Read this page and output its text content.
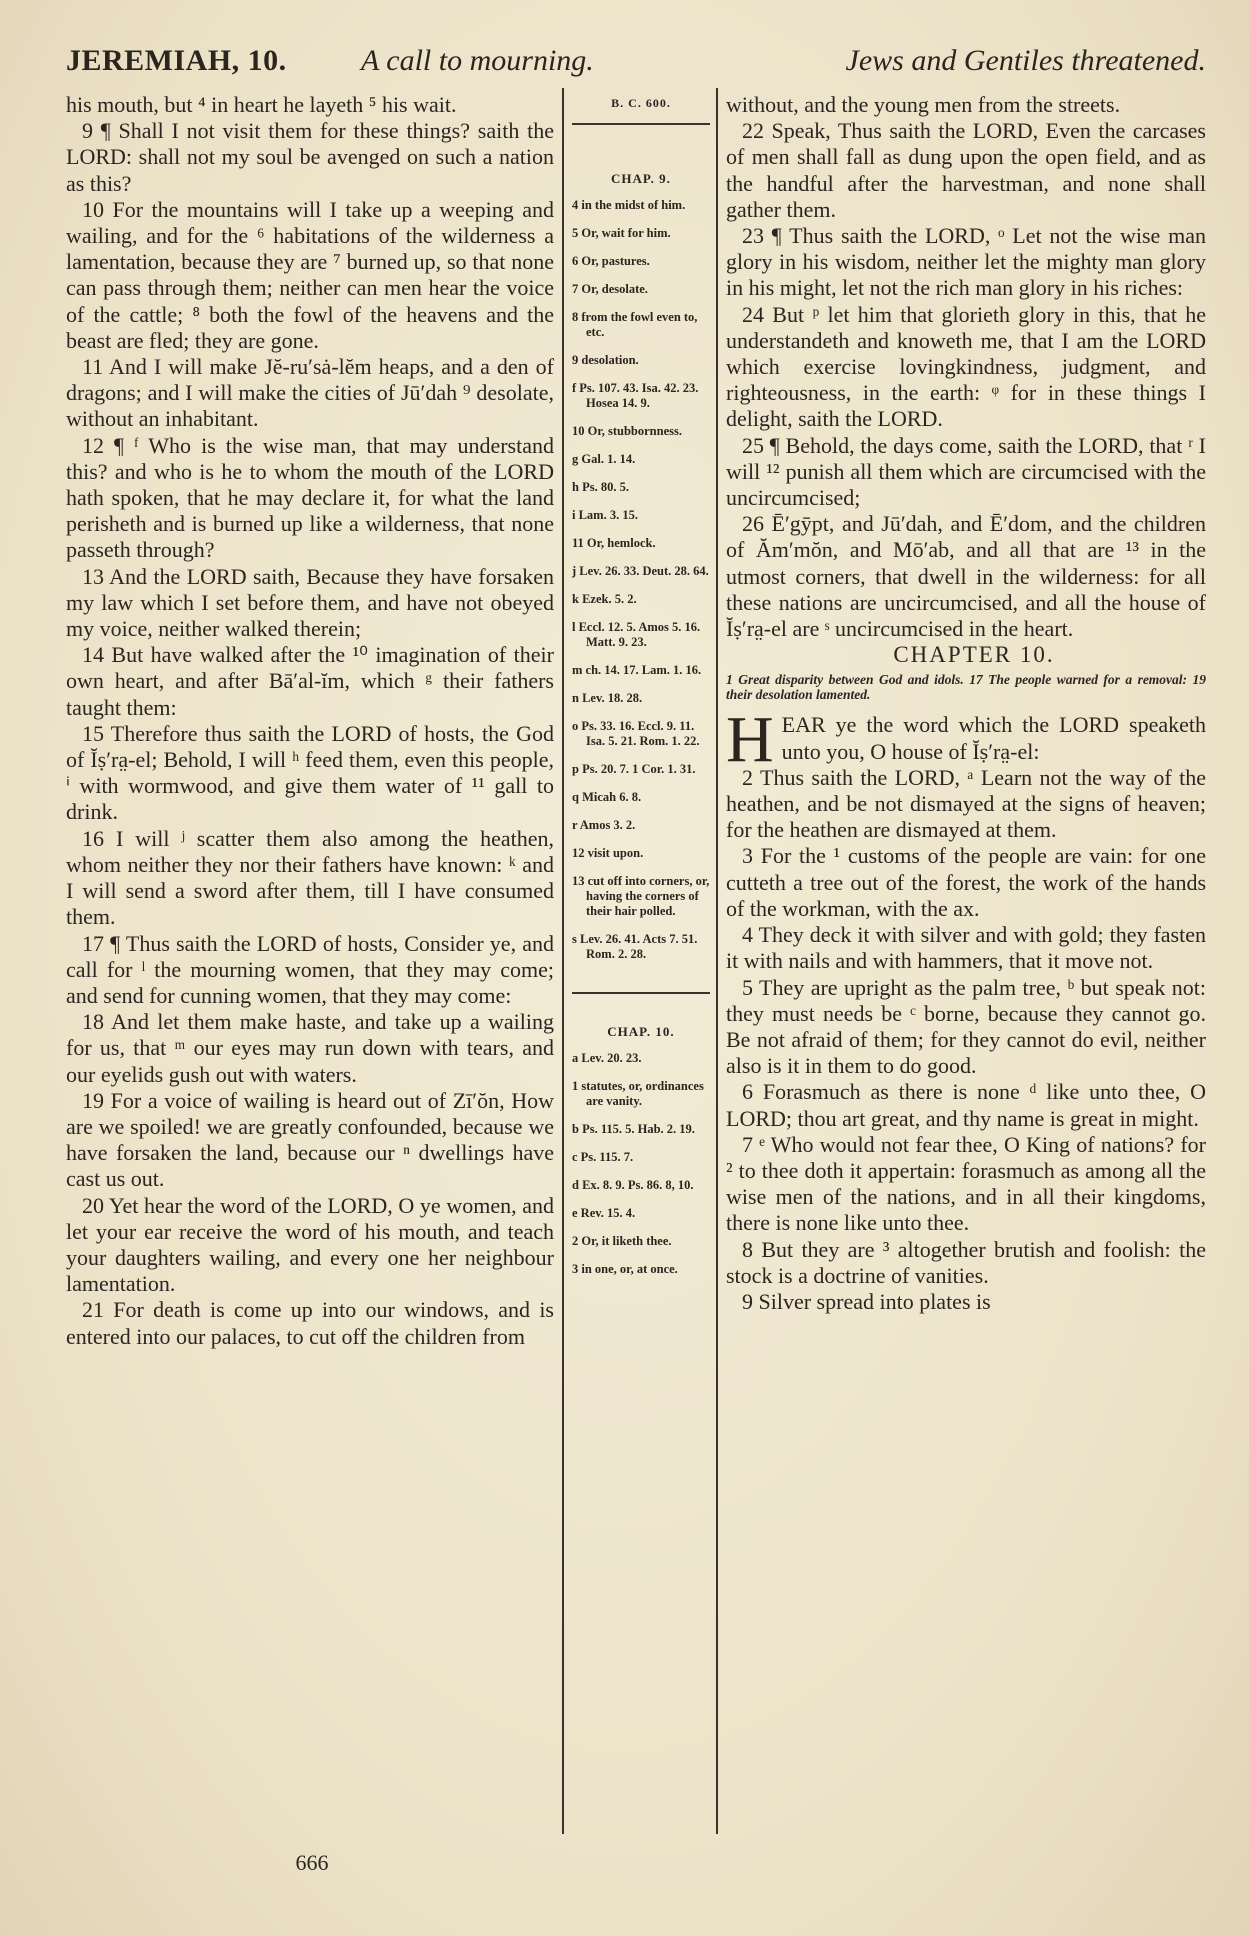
JEREMIAH, 10. A call to mourning.	Jews and Gentiles threatened.

his mouth, but ⁴ in heart he layeth ⁵ his wait.

9 ¶ Shall I not visit them for these things? saith the LORD: shall not my soul be avenged on such a nation as this?

10 For the mountains will I take up a weeping and wailing, and for the ⁶ habitations of the wilderness a lamentation, because they are ⁷ burned up, so that none can pass through them; neither can men hear the voice of the cattle; ⁸ both the fowl of the heavens and the beast are fled; they are gone.

11 And I will make Jĕ-ru′sȧ-lĕm heaps, and a den of dragons; and I will make the cities of Jū′dah ⁹ desolate, without an inhabitant.

12 ¶ ᶠ Who is the wise man, that may understand this? and who is he to whom the mouth of the LORD hath spoken, that he may declare it, for what the land perisheth and is burned up like a wilderness, that none passeth through?

13 And the LORD saith, Because they have forsaken my law which I set before them, and have not obeyed my voice, neither walked therein;

14 But have walked after the ¹⁰ imagination of their own heart, and after Bā′al-ĭm, which ᵍ their fathers taught them:

15 Therefore thus saith the LORD of hosts, the God of Ĭṣ′ra̤-el; Behold, I will ʰ feed them, even this people, ⁱ with wormwood, and give them water of ¹¹ gall to drink.

16 I will ʲ scatter them also among the heathen, whom neither they nor their fathers have known: ᵏ and I will send a sword after them, till I have consumed them.

17 ¶ Thus saith the LORD of hosts, Consider ye, and call for ˡ the mourning women, that they may come; and send for cunning women, that they may come:

18 And let them make haste, and take up a wailing for us, that ᵐ our eyes may run down with tears, and our eyelids gush out with waters.

19 For a voice of wailing is heard out of Zī′ŏn, How are we spoiled! we are greatly confounded, because we have forsaken the land, because our ⁿ dwellings have cast us out.

20 Yet hear the word of the LORD, O ye women, and let your ear receive the word of his mouth, and teach your daughters wailing, and every one her neighbour lamentation.

21 For death is come up into our windows, and is entered into our palaces, to cut off the children from

B. C. 600.
CHAP. 9.
4 in the midst of him.
5 Or, wait for him.
6 Or, pastures.
7 Or, desolate.
8 from the fowl even to, etc.
9 desolation.
f Ps. 107. 43. Isa. 42. 23. Hosea 14. 9.
10 Or, stubbornness.
g Gal. 1. 14.
h Ps. 80. 5.
i Lam. 3. 15.
11 Or, hemlock.
j Lev. 26. 33. Deut. 28. 64.
k Ezek. 5. 2.
l Eccl. 12. 5. Amos 5. 16. Matt. 9. 23.
m ch. 14. 17. Lam. 1. 16.
n Lev. 18. 28.
o Ps. 33. 16. Eccl. 9. 11. Isa. 5. 21. Rom. 1. 22.
p Ps. 20. 7. 1 Cor. 1. 31.
q Micah 6. 8.
r Amos 3. 2.
12 visit upon.
13 cut off into corners, or, having the corners of their hair polled.
s Lev. 26. 41. Acts 7. 51. Rom. 2. 28.
CHAP. 10.
a Lev. 20. 23.
1 statutes, or, ordinances are vanity.
b Ps. 115. 5. Hab. 2. 19.
c Ps. 115. 7.
d Ex. 8. 9. Ps. 86. 8, 10.
e Rev. 15. 4.
2 Or, it liketh thee.
3 in one, or, at once.

without, and the young men from the streets.

22 Speak, Thus saith the LORD, Even the carcases of men shall fall as dung upon the open field, and as the handful after the harvestman, and none shall gather them.

23 ¶ Thus saith the LORD, ᵒ Let not the wise man glory in his wisdom, neither let the mighty man glory in his might, let not the rich man glory in his riches:

24 But ᵖ let him that glorieth glory in this, that he understandeth and knoweth me, that I am the LORD which exercise lovingkindness, judgment, and righteousness, in the earth: ᵠ for in these things I delight, saith the LORD.

25 ¶ Behold, the days come, saith the LORD, that ʳ I will ¹² punish all them which are circumcised with the uncircumcised;

26 Ē′gȳpt, and Jū′dah, and Ē′dom, and the children of Ăm′mŏn, and Mō′ab, and all that are ¹³ in the utmost corners, that dwell in the wilderness: for all these nations are uncircumcised, and all the house of Ĭṣ′ra̤-el are ˢ uncircumcised in the heart.

CHAPTER 10.

1 Great disparity between God and idols. 17 The people warned for a removal: 19 their desolation lamented.

HEAR ye the word which the LORD speaketh unto you, O house of Ĭṣ′ra̤-el:

2 Thus saith the LORD, ᵃ Learn not the way of the heathen, and be not dismayed at the signs of heaven; for the heathen are dismayed at them.

3 For the ¹ customs of the people are vain: for one cutteth a tree out of the forest, the work of the hands of the workman, with the ax.

4 They deck it with silver and with gold; they fasten it with nails and with hammers, that it move not.

5 They are upright as the palm tree, ᵇ but speak not: they must needs be ᶜ borne, because they cannot go. Be not afraid of them; for they cannot do evil, neither also is it in them to do good.

6 Forasmuch as there is none ᵈ like unto thee, O LORD; thou art great, and thy name is great in might.

7 ᵉ Who would not fear thee, O King of nations? for ² to thee doth it appertain: forasmuch as among all the wise men of the nations, and in all their kingdoms, there is none like unto thee.

8 But they are ³ altogether brutish and foolish: the stock is a doctrine of vanities.

9 Silver spread into plates is

666
